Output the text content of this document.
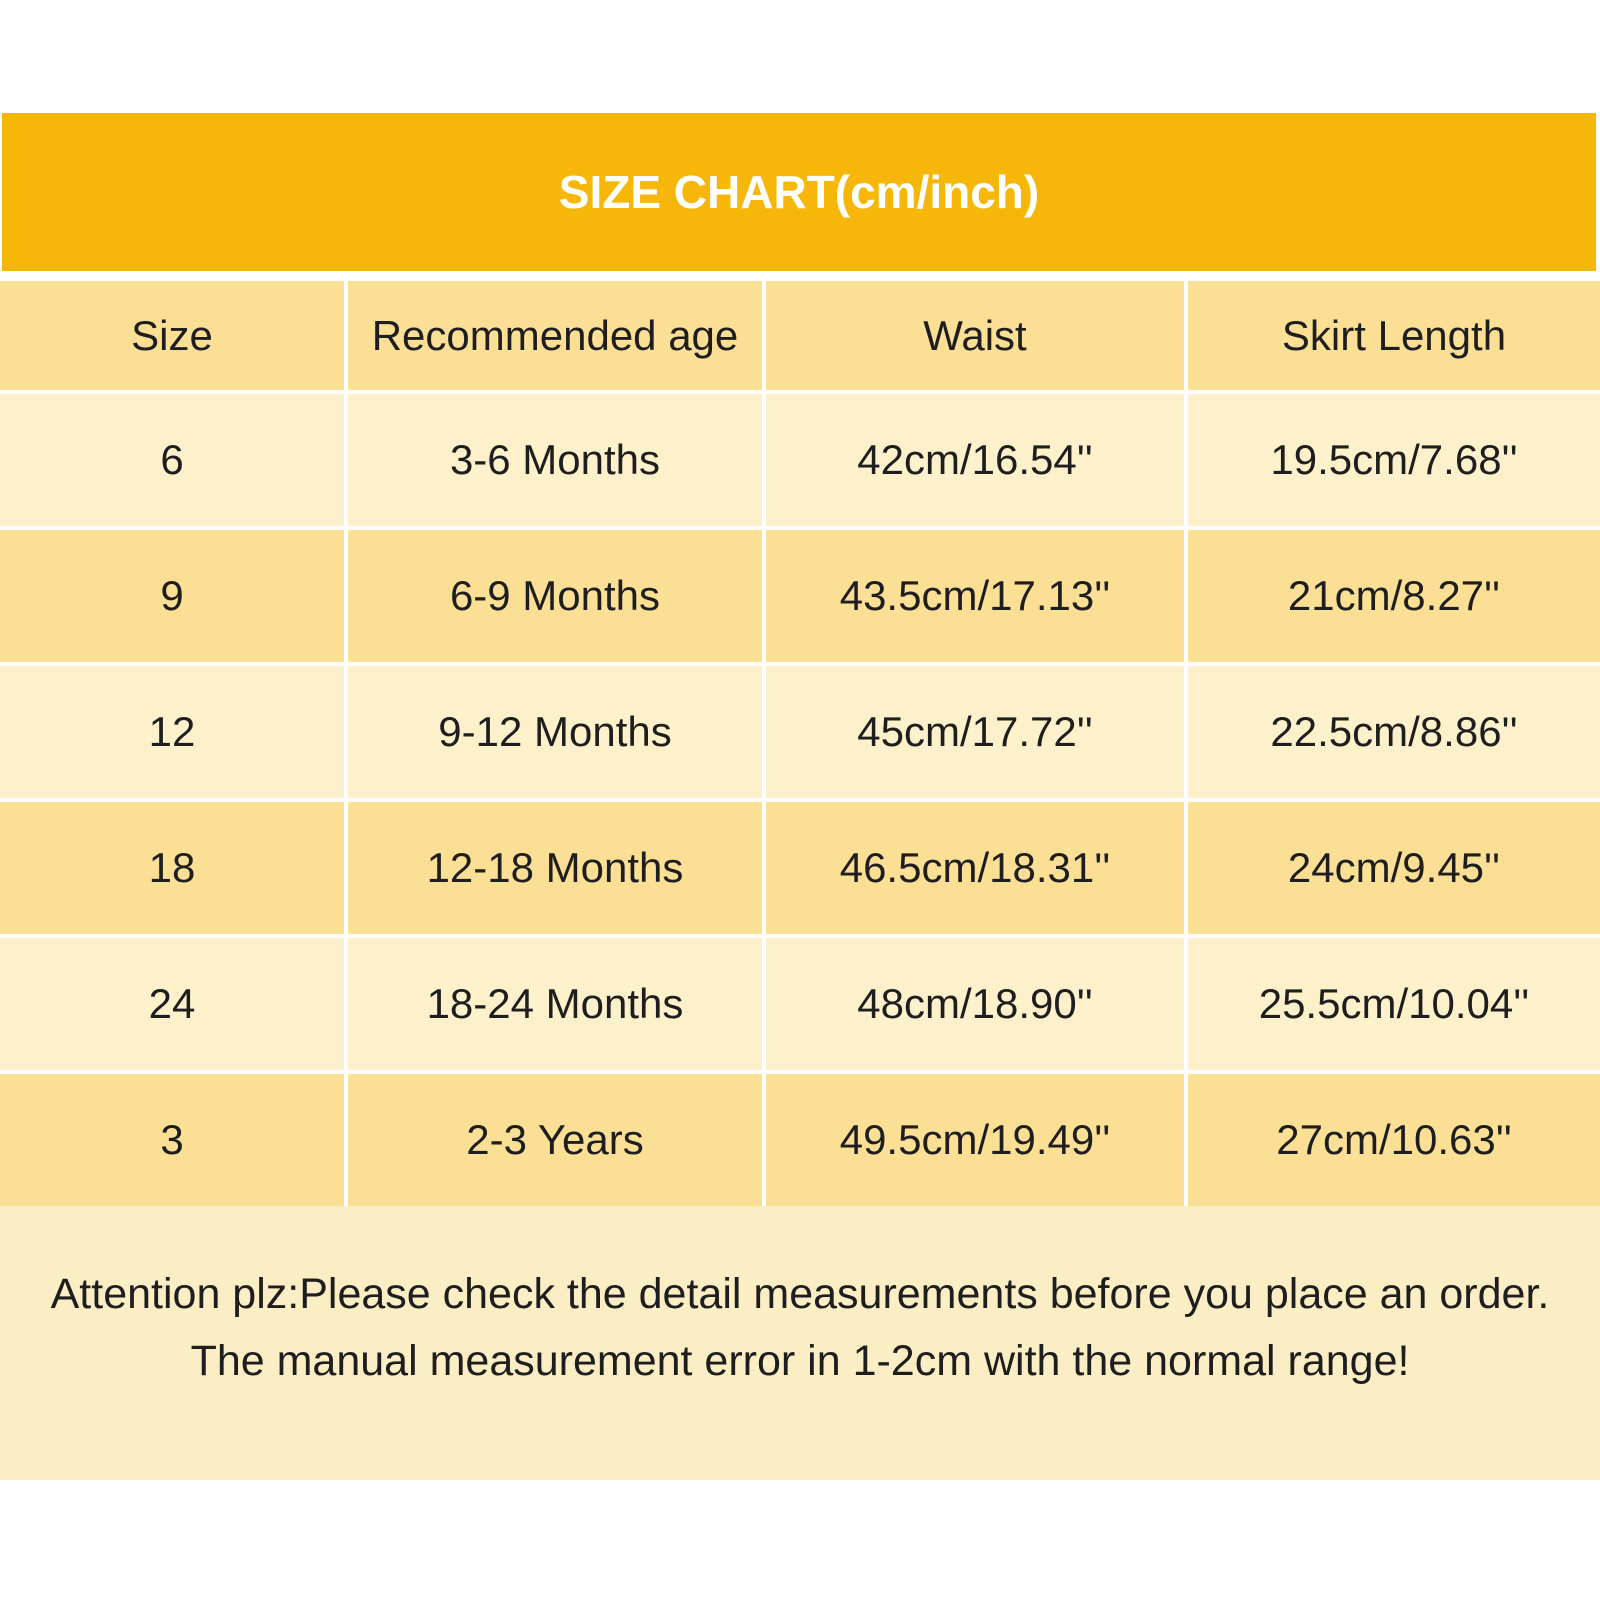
SIZE CHART(cm/inch)
Size	Recommended age	Waist	Skirt Length
6	3-6 Months	42cm/16.54''	19.5cm/7.68''
9	6-9 Months	43.5cm/17.13''	21cm/8.27''
12	9-12 Months	45cm/17.72''	22.5cm/8.86''
18	12-18 Months	46.5cm/18.31''	24cm/9.45''
24	18-24 Months	48cm/18.90''	25.5cm/10.04''
3	2-3 Years	49.5cm/19.49''	27cm/10.63''
Attention plz:Please check the detail measurements before you place an order.
The manual measurement error in 1-2cm with the normal range!
